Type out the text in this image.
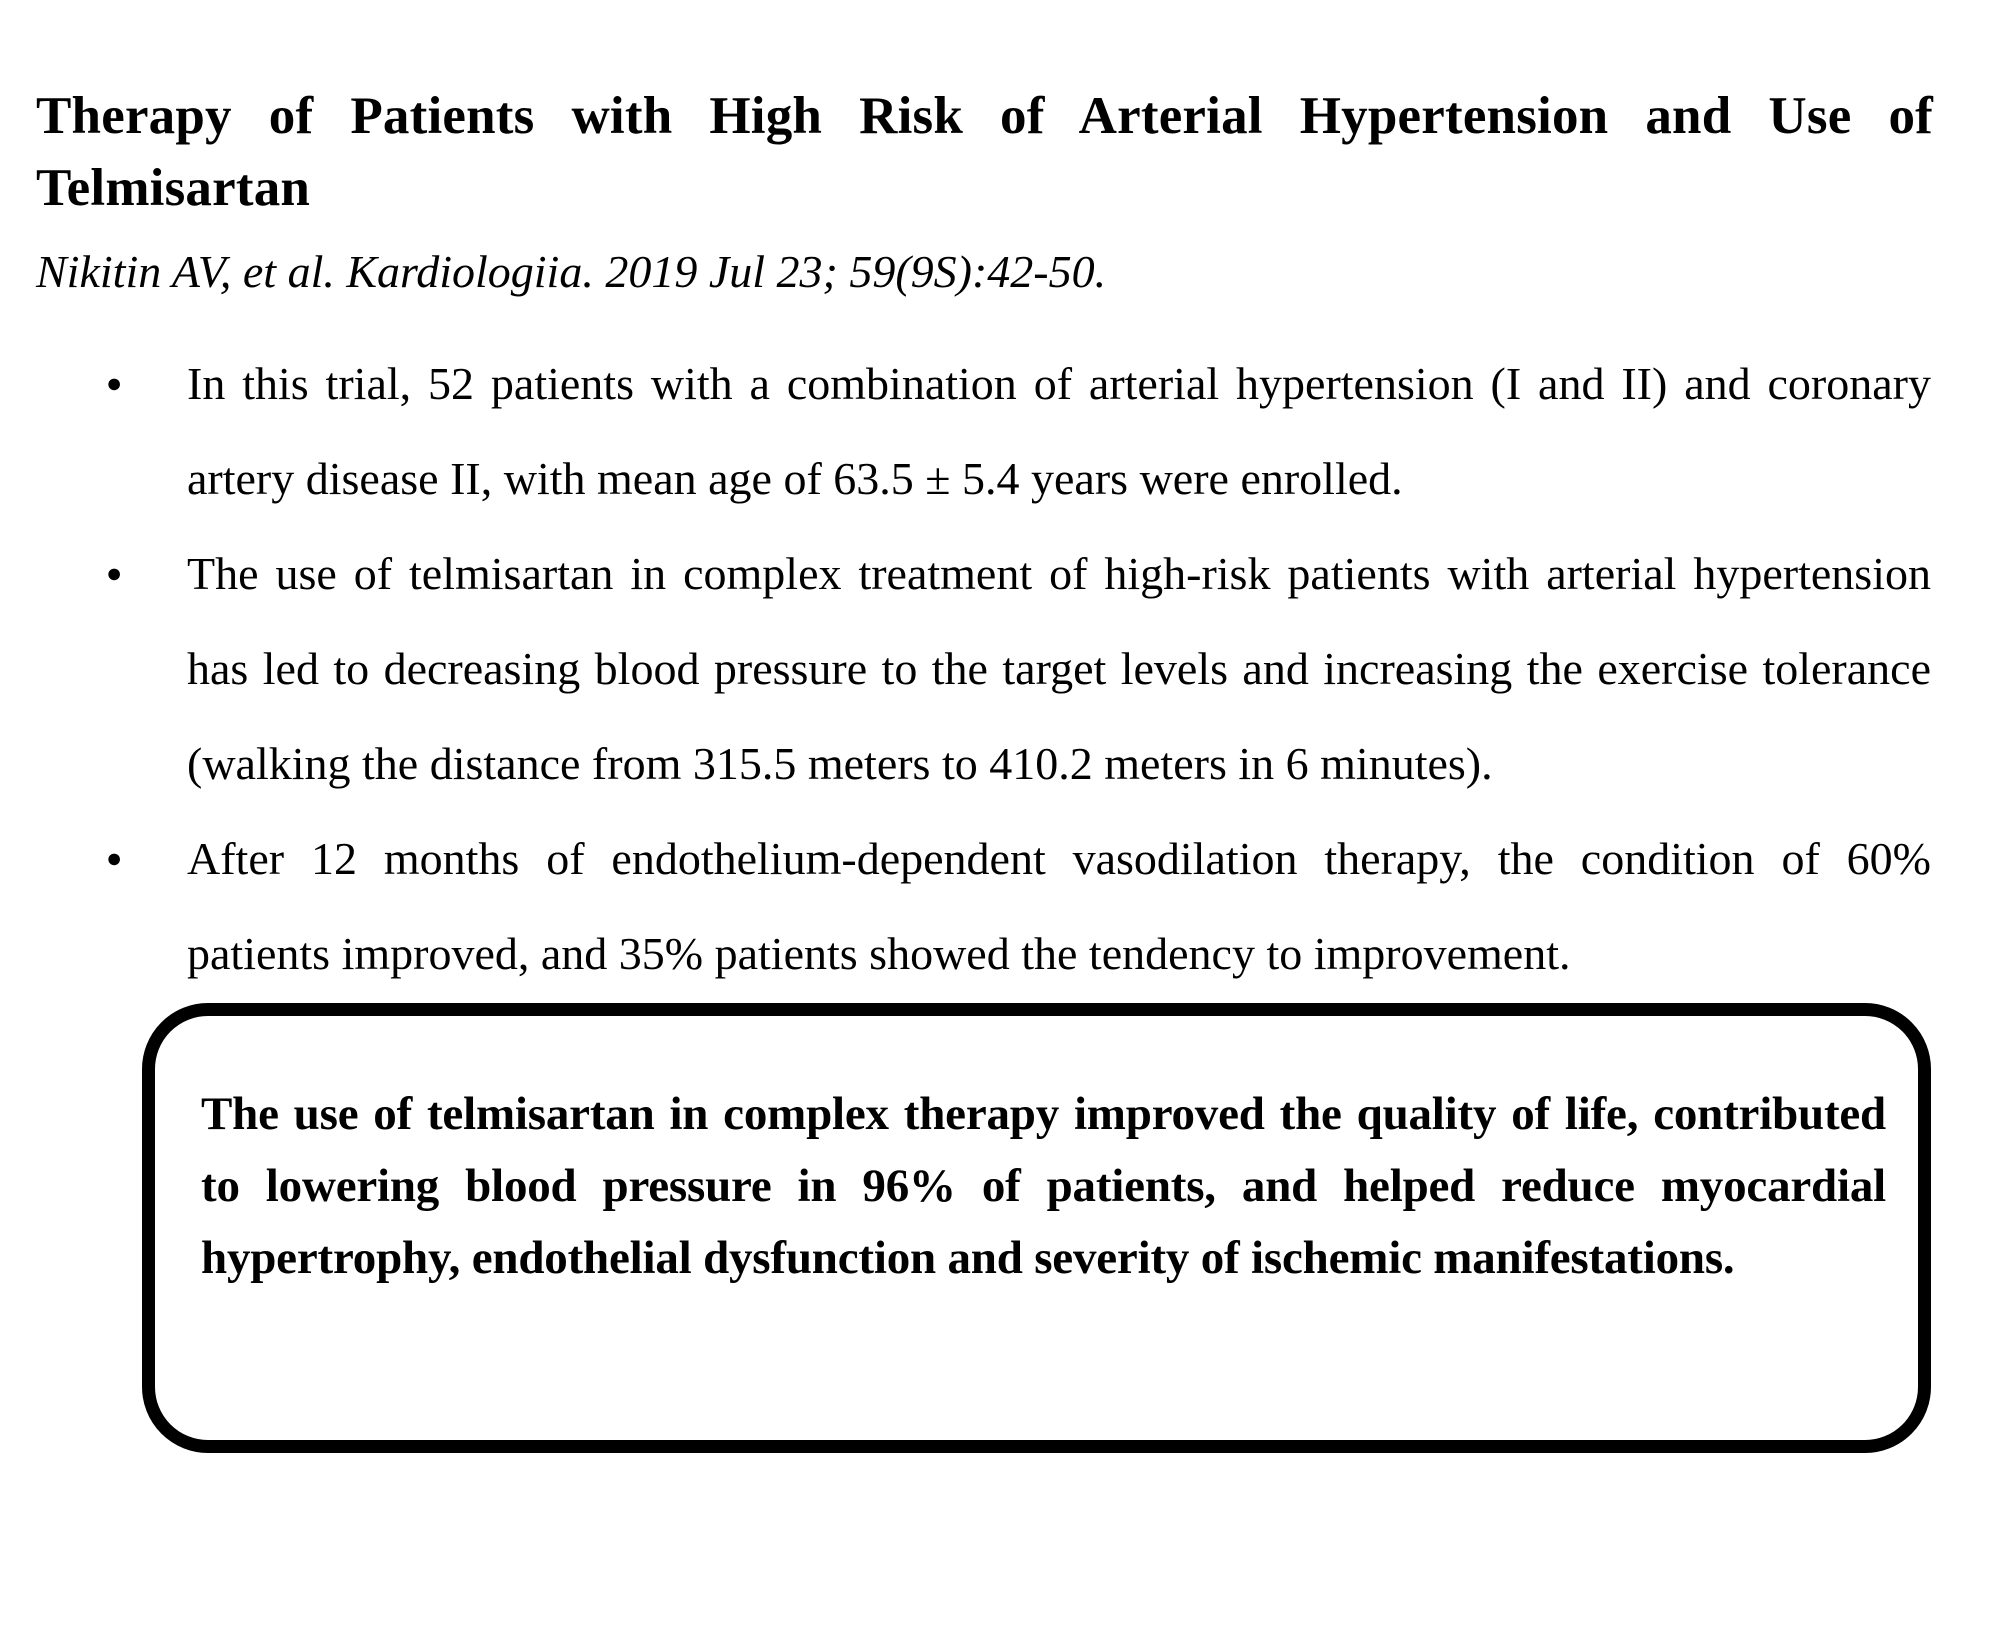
Therapy of Patients with High Risk of Arterial Hypertension and Use of Telmisartan

Nikitin AV, et al. Kardiologiia. 2019 Jul 23; 59(9S):42-50.

● In this trial, 52 patients with a combination of arterial hypertension (I and II) and coronary artery disease II, with mean age of 63.5 ± 5.4 years were enrolled.
● The use of telmisartan in complex treatment of high-risk patients with arterial hypertension has led to decreasing blood pressure to the target levels and increasing the exercise tolerance (walking the distance from 315.5 meters to 410.2 meters in 6 minutes).
● After 12 months of endothelium-dependent vasodilation therapy, the condition of 60% patients improved, and 35% patients showed the tendency to improvement.

The use of telmisartan in complex therapy improved the quality of life, contributed to lowering blood pressure in 96% of patients, and helped reduce myocardial hypertrophy, endothelial dysfunction and severity of ischemic manifestations.
